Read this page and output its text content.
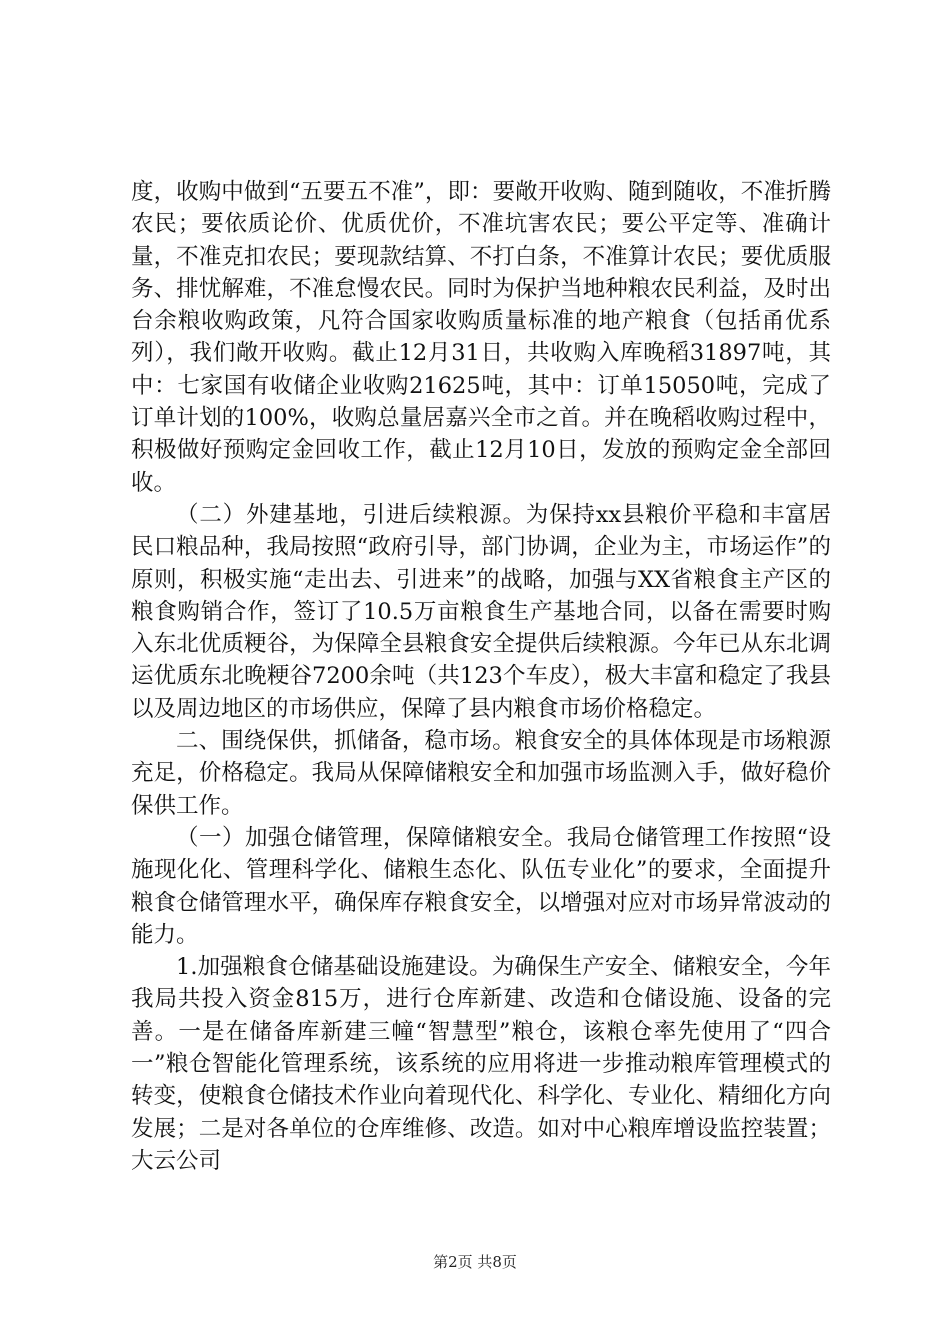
度，收购中做到“五要五不准”，即：要敞开收购、随到随收，不准折腾农民；要依质论价、优质优价，不准坑害农民；要公平定等、准确计量，不准克扣农民；要现款结算、不打白条，不准算计农民；要优质服务、排忧解难，不准怠慢农民。同时为保护当地种粮农民利益，及时出台余粮收购政策，凡符合国家收购质量标准的地产粮食（包括甬优系列），我们敞开收购。截止12月31日，共收购入库晚稻31897吨，其中：七家国有收储企业收购21625吨，其中：订单15050吨，完成了订单计划的100%，收购总量居嘉兴全市之首。并在晚稻收购过程中，积极做好预购定金回收工作，截止12月10日，发放的预购定金全部回收。

（二）外建基地，引进后续粮源。为保持xx县粮价平稳和丰富居民口粮品种，我局按照“政府引导，部门协调，企业为主，市场运作”的原则，积极实施“走出去、引进来”的战略，加强与XX省粮食主产区的粮食购销合作，签订了10.5万亩粮食生产基地合同，以备在需要时购入东北优质粳谷，为保障全县粮食安全提供后续粮源。今年已从东北调运优质东北晚粳谷7200余吨（共123个车皮），极大丰富和稳定了我县以及周边地区的市场供应，保障了县内粮食市场价格稳定。

二、围绕保供，抓储备，稳市场。粮食安全的具体体现是市场粮源充足，价格稳定。我局从保障储粮安全和加强市场监测入手，做好稳价保供工作。

（一）加强仓储管理，保障储粮安全。我局仓储管理工作按照“设施现化化、管理科学化、储粮生态化、队伍专业化”的要求，全面提升粮食仓储管理水平，确保库存粮食安全，以增强对应对市场异常波动的能力。

1.加强粮食仓储基础设施建设。为确保生产安全、储粮安全，今年我局共投入资金815万，进行仓库新建、改造和仓储设施、设备的完善。一是在储备库新建三幢“智慧型”粮仓，该粮仓率先使用了“四合一”粮仓智能化管理系统，该系统的应用将进一步推动粮库管理模式的转变，使粮食仓储技术作业向着现代化、科学化、专业化、精细化方向发展；二是对各单位的仓库维修、改造。如对中心粮库增设监控装置；大云公司

第2页 共8页
